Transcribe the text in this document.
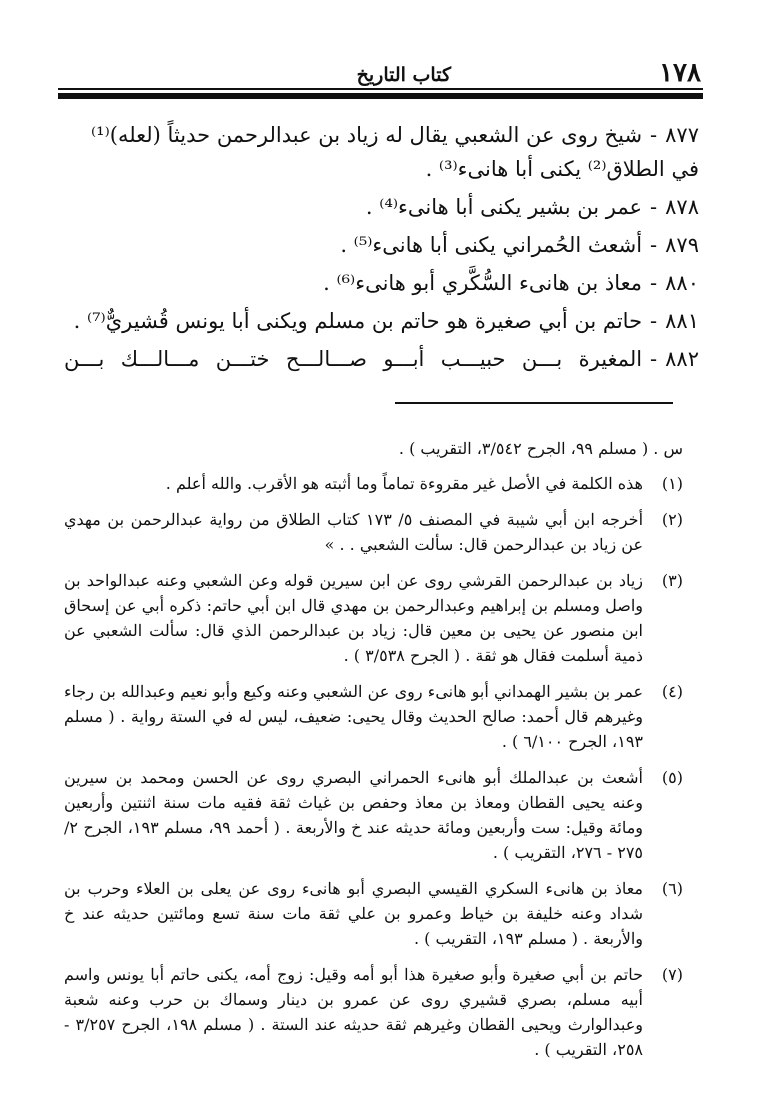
١٧٨
كتاب التاريخ

٨٧٧-شيخ روى عن الشعبي يقال له زياد بن عبدالرحمن حديثاً (لعله)⁽¹⁾ في الطلاق⁽²⁾ يكنى أبا هانىء⁽³⁾ .

٨٧٨-عمر بن بشير يكنى أبا هانىء⁽⁴⁾ .

٨٧٩-أشعث الحُمراني يكنى أبا هانىء⁽⁵⁾ .

٨٨٠-معاذ بن هانىء السُّكَّري أبو هانىء⁽⁶⁾ .

٨٨١-حاتم بن أبي صغيرة هو حاتم بن مسلم ويكنى أبا يونس قُشيريٌّ⁽⁷⁾ .

٨٨٢-المغيرة بـــن حبيـــب أبـــو صـــالـــح ختـــن مـــالـــك بـــن

س . ( مسلم ٩٩، الجرح ٣/٥٤٢، التقريب ) .

(١)
هذه الكلمة في الأصل غير مقروءة تماماً وما أثبته هو الأقرب. والله أعلم .
(٢)
أخرجه ابن أبي شيبة في المصنف ٥/ ١٧٣ كتاب الطلاق من رواية عبدالرحمن بن مهدي عن زياد بن عبدالرحمن قال: سألت الشعبي . . »
(٣)
زياد بن عبدالرحمن القرشي روى عن ابن سيرين قوله وعن الشعبي وعنه عبدالواحد بن واصل ومسلم بن إبراهيم وعبدالرحمن بن مهدي قال ابن أبي حاتم: ذكره أبي عن إسحاق ابن منصور عن يحيى بن معين قال: زياد بن عبدالرحمن الذي قال: سألت الشعبي عن ذمية أسلمت فقال هو ثقة . ( الجرح ٣/٥٣٨ ) .
(٤)
عمر بن بشير الهمداني أبو هانىء روى عن الشعبي وعنه وكيع وأبو نعيم وعبدالله بن رجاء وغيرهم قال أحمد: صالح الحديث وقال يحيى: ضعيف، ليس له في الستة رواية . ( مسلم ١٩٣، الجرح ٦/١٠٠ ) .
(٥)
أشعث بن عبدالملك أبو هانىء الحمراني البصري روى عن الحسن ومحمد بن سيرين وعنه يحيى القطان ومعاذ بن معاذ وحفص بن غياث ثقة فقيه مات سنة اثنتين وأربعين ومائة وقيل: ست وأربعين ومائة حديثه عند خ والأربعة . ( أحمد ٩٩، مسلم ١٩٣، الجرح ٢/ ٢٧٥ - ٢٧٦، التقريب ) .
(٦)
معاذ بن هانىء السكري القيسي البصري أبو هانىء روى عن يعلى بن العلاء وحرب بن شداد وعنه خليفة بن خياط وعمرو بن علي ثقة مات سنة تسع ومائتين حديثه عند خ والأربعة . ( مسلم ١٩٣، التقريب ) .
(٧)
حاتم بن أبي صغيرة وأبو صغيرة هذا أبو أمه وقيل: زوج أمه، يكنى حاتم أبا يونس واسم أبيه مسلم، بصري قشيري روى عن عمرو بن دينار وسماك بن حرب وعنه شعبة وعبدالوارث ويحيى القطان وغيرهم ثقة حديثه عند الستة . ( مسلم ١٩٨، الجرح ٣/٢٥٧ - ٢٥٨، التقريب ) .
